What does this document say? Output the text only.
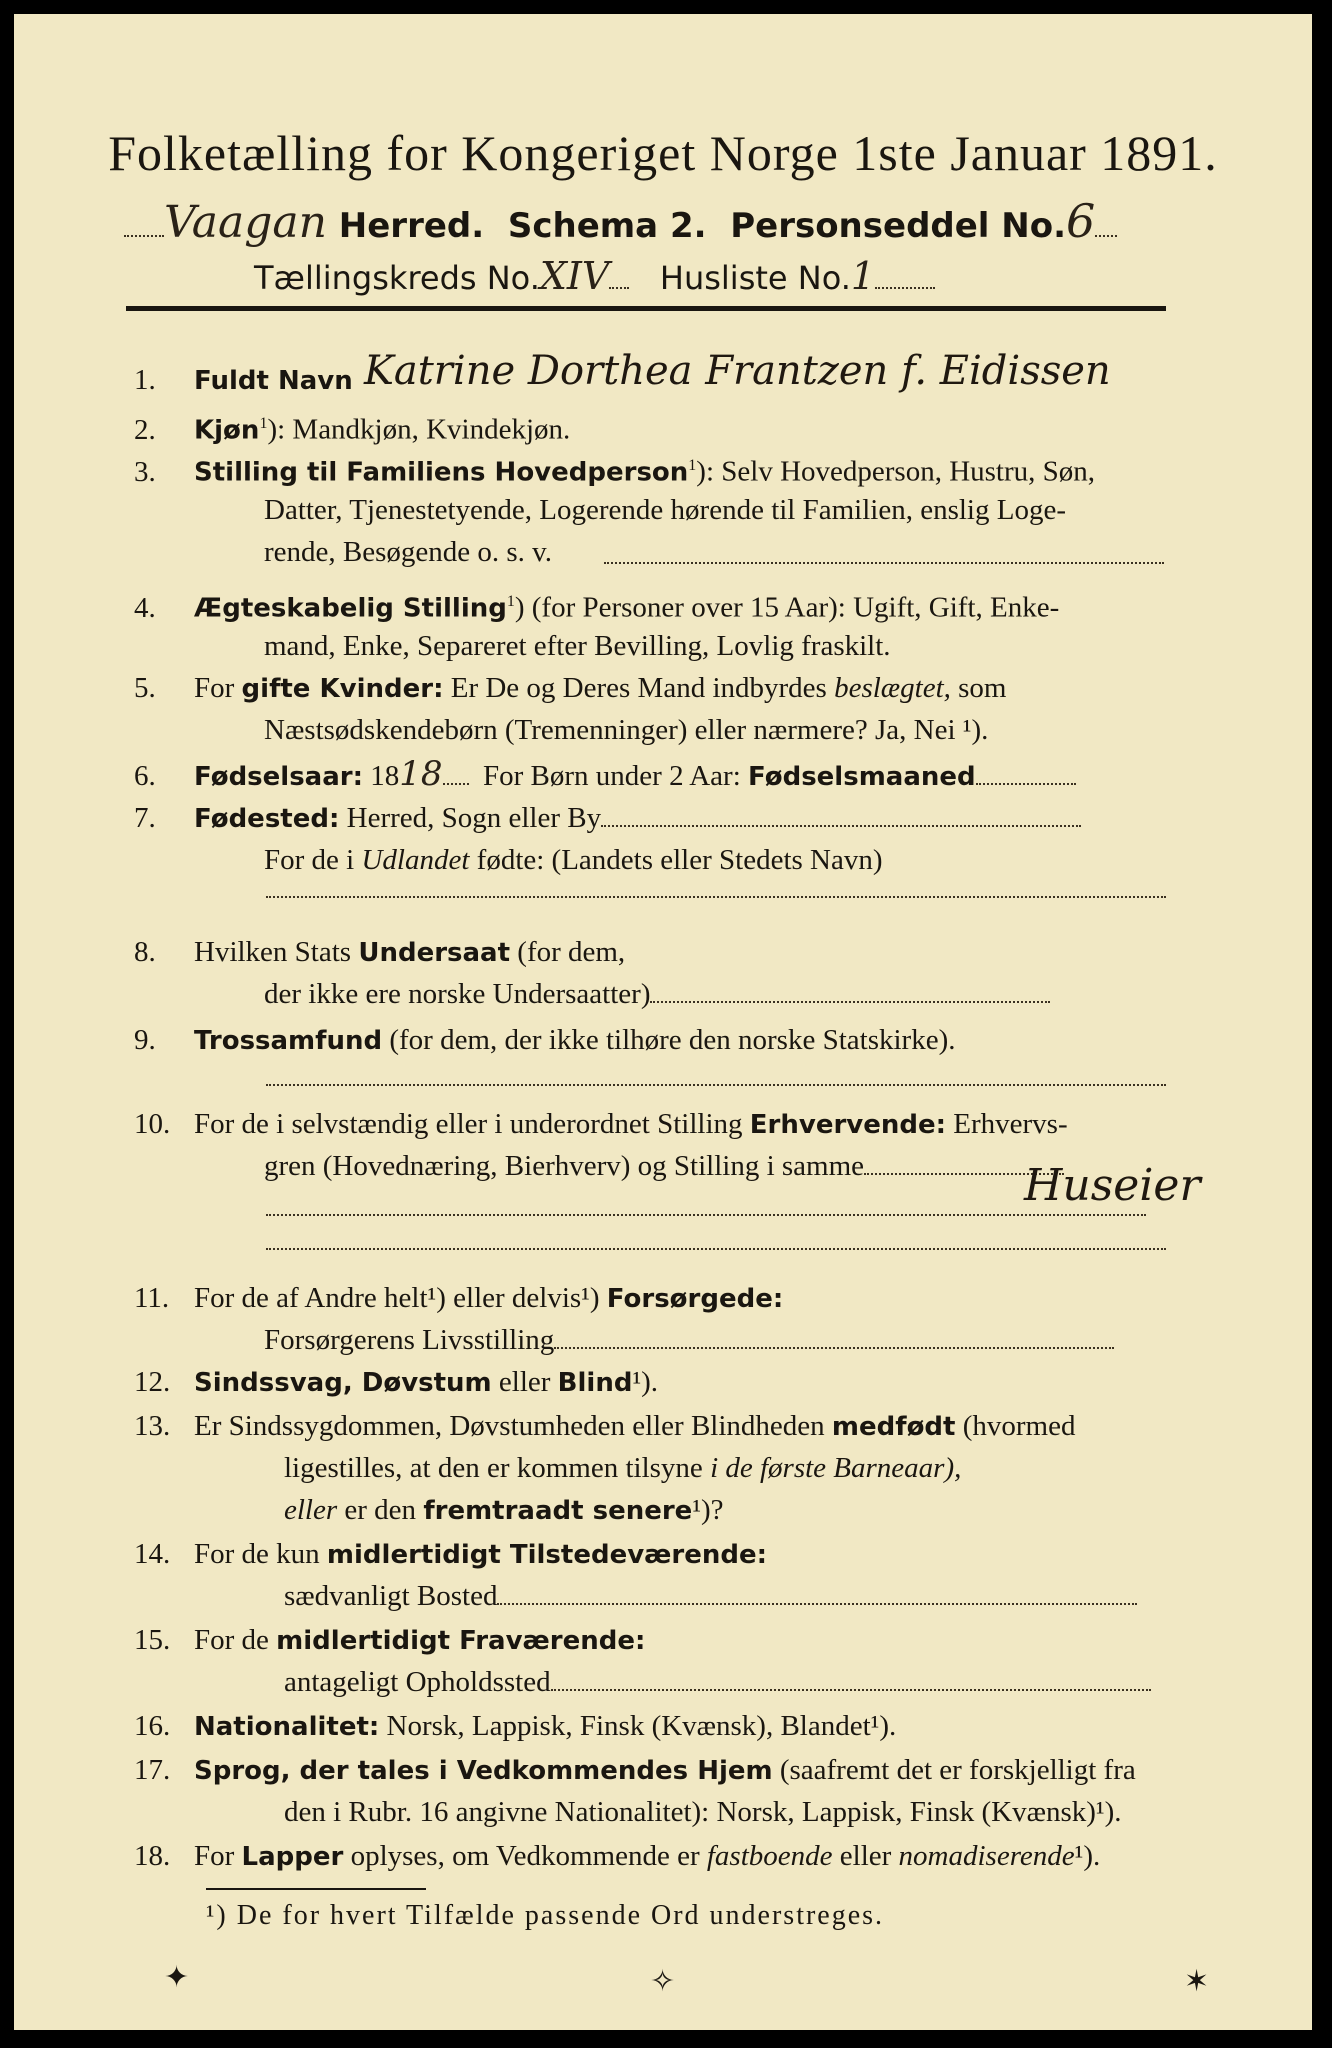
Folketælling for Kongeriget Norge 1ste Januar 1891.
Vaagan Herred. Schema 2. Personseddel No.6
Tællingskreds No.XIV Husliste No.1
1. Fuldt Navn Katrine Dorthea Frantzen f. Eidissen
2. Kjøn$^1$): Mandkjøn, Kvindekjøn.
3. Stilling til Familiens Hovedperson$^1$): Selv Hovedperson, Hustru, Søn,
Datter, Tjenestetyende, Logerende hørende til Familien, enslig Loge-
rende, Besøgende o. s. v.
4. Ægteskabelig Stilling$^1$) (for Personer over 15 Aar): Ugift, Gift, Enke-
mand, Enke, Separeret efter Bevilling, Lovlig fraskilt.
5. For gifte Kvinder: Er De og Deres Mand indbyrdes beslægtet, som
Næstsødskendebørn (Tremenninger) eller nærmere? Ja, Nei ¹).
6. Fødselsaar: 1818 For Børn under 2 Aar: Fødselsmaaned
7. Fødested: Herred, Sogn eller By
For de i Udlandet fødte: (Landets eller Stedets Navn)
8. Hvilken Stats Undersaat (for dem,
der ikke ere norske Undersaatter)
9. Trossamfund (for dem, der ikke tilhøre den norske Statskirke).
10. For de i selvstændig eller i underordnet Stilling Erhvervende: Erhvervs-
gren (Hovednæring, Bierhverv) og Stilling i samme	Huseier
11. For de af Andre helt¹) eller delvis¹) Forsørgede:
Forsørgerens Livsstilling
12. Sindssvag, Døvstum eller Blind¹).
13. Er Sindssygdommen, Døvstumheden eller Blindheden medfødt (hvormed
ligestilles, at den er kommen tilsyne i de første Barneaar),
eller er den fremtraadt senere¹)?
14. For de kun midlertidigt Tilstedeværende:
sædvanligt Bosted
15. For de midlertidigt Fraværende:
antageligt Opholdssted
16. Nationalitet: Norsk, Lappisk, Finsk (Kvænsk), Blandet¹).
17. Sprog, der tales i Vedkommendes Hjem (saafremt det er forskjelligt fra
den i Rubr. 16 angivne Nationalitet): Norsk, Lappisk, Finsk (Kvænsk)¹).
18. For Lapper oplyses, om Vedkommende er fastboende eller nomadiserende¹).
¹) De for hvert Tilfælde passende Ord understreges.
✦	✧	✶
